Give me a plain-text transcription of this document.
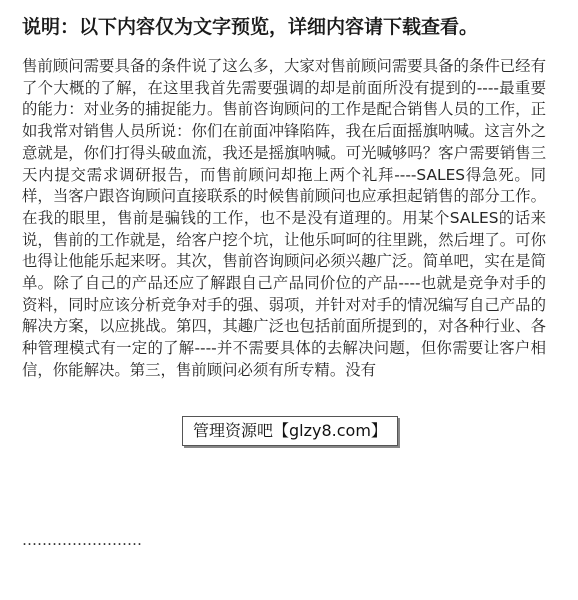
说明：以下内容仅为文字预览，详细内容请下载查看。

售前顾问需要具备的条件说了这么多，大家对售前顾问需要具备的条件已经有了个大概的了解，在这里我首先需要强调的却是前面所没有提到的----最重要的能力：对业务的捕捉能力。售前咨询顾问的工作是配合销售人员的工作，正如我常对销售人员所说：你们在前面冲锋陷阵，我在后面摇旗呐喊。这言外之意就是，你们打得头破血流，我还是摇旗呐喊。可光喊够吗？客户需要销售三天内提交需求调研报告，而售前顾问却拖上两个礼拜----SALES得急死。同样，当客户跟咨询顾问直接联系的时候售前顾问也应承担起销售的部分工作。在我的眼里，售前是骗钱的工作，也不是没有道理的。用某个SALES的话来说，售前的工作就是，给客户挖个坑，让他乐呵呵的往里跳，然后埋了。可你也得让他能乐起来呀。其次，售前咨询顾问必须兴趣广泛。简单吧，实在是简单。除了自己的产品还应了解跟自己产品同价位的产品----也就是竞争对手的资料，同时应该分析竞争对手的强、弱项，并针对对手的情况编写自己产品的解决方案，以应挑战。第四，其趣广泛也包括前面所提到的，对各种行业、各种管理模式有一定的了解----并不需要具体的去解决问题，但你需要让客户相信，你能解决。第三，售前顾问必须有所专精。没有

……………………
管理资源吧【glzy8.com】
